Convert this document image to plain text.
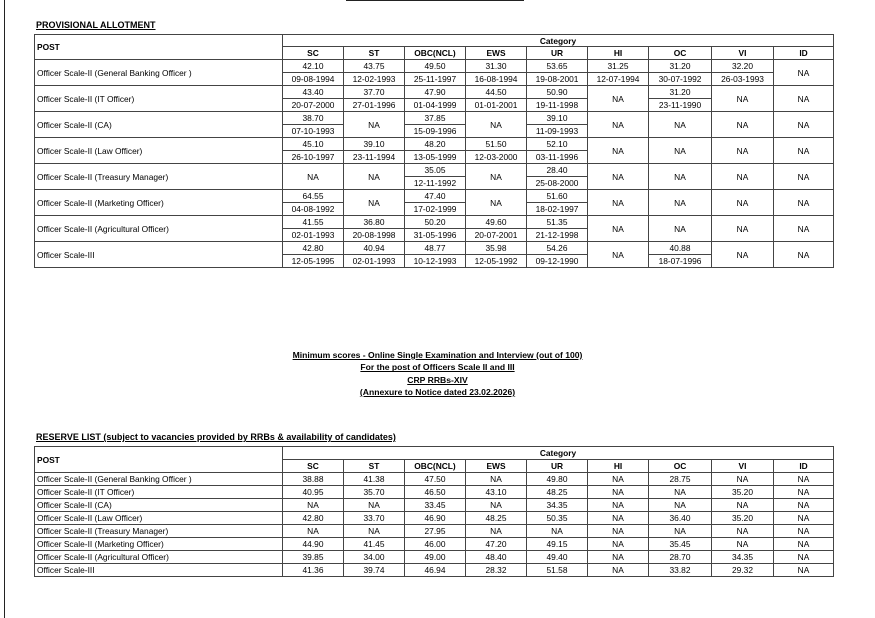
PROVISIONAL ALLOTMENT
POST	Category								
	SC	ST	OBC(NCL)	EWS	UR	HI	OC	VI	ID
Officer Scale-II (General Banking Officer )	42.10	43.75	49.50	31.30	53.65	31.25	31.20	32.20	NA
	09-08-1994	12-02-1993	25-11-1997	16-08-1994	19-08-2001	12-07-1994	30-07-1992	26-03-1993	
Officer Scale-II (IT Officer)	43.40	37.70	47.90	44.50	50.90	NA	31.20	NA	NA
	20-07-2000	27-01-1996	01-04-1999	01-01-2001	19-11-1998		23-11-1990		
Officer Scale-II (CA)	38.70	NA	37.85	NA	39.10	NA	NA	NA	NA
	07-10-1993		15-09-1996		11-09-1993				
Officer Scale-II (Law Officer)	45.10	39.10	48.20	51.50	52.10	NA	NA	NA	NA
	26-10-1997	23-11-1994	13-05-1999	12-03-2000	03-11-1996				
Officer Scale-II (Treasury Manager)	NA	NA	35.05	NA	28.40	NA	NA	NA	NA
			12-11-1992		25-08-2000				
Officer Scale-II (Marketing Officer)	64.55	NA	47.40	NA	51.60	NA	NA	NA	NA
	04-08-1992		17-02-1999		18-02-1997				
Officer Scale-II (Agricultural Officer)	41.55	36.80	50.20	49.60	51.35	NA	NA	NA	NA
	02-01-1993	20-08-1998	31-05-1996	20-07-2001	21-12-1998				
Officer Scale-III	42.80	40.94	48.77	35.98	54.26	NA	40.88	NA	NA
	12-05-1995	02-01-1993	10-12-1993	12-05-1992	09-12-1990		18-07-1996		
Minimum scores - Online Single Examination and Interview (out of 100)
For the post of Officers Scale II and III
CRP RRBs-XIV
(Annexure to Notice dated 23.02.2026)
RESERVE LIST (subject to vacancies provided by RRBs & availability of candidates)
POST	Category								
	SC	ST	OBC(NCL)	EWS	UR	HI	OC	VI	ID
Officer Scale-II (General Banking Officer )	38.88	41.38	47.50	NA	49.80	NA	28.75	NA	NA
Officer Scale-II (IT Officer)	40.95	35.70	46.50	43.10	48.25	NA	NA	35.20	NA
Officer Scale-II (CA)	NA	NA	33.45	NA	34.35	NA	NA	NA	NA
Officer Scale-II (Law Officer)	42.80	33.70	46.90	48.25	50.35	NA	36.40	35.20	NA
Officer Scale-II (Treasury Manager)	NA	NA	27.95	NA	NA	NA	NA	NA	NA
Officer Scale-II (Marketing Officer)	44.90	41.45	46.00	47.20	49.15	NA	35.45	NA	NA
Officer Scale-II (Agricultural Officer)	39.85	34.00	49.00	48.40	49.40	NA	28.70	34.35	NA
Officer Scale-III	41.36	39.74	46.94	28.32	51.58	NA	33.82	29.32	NA
